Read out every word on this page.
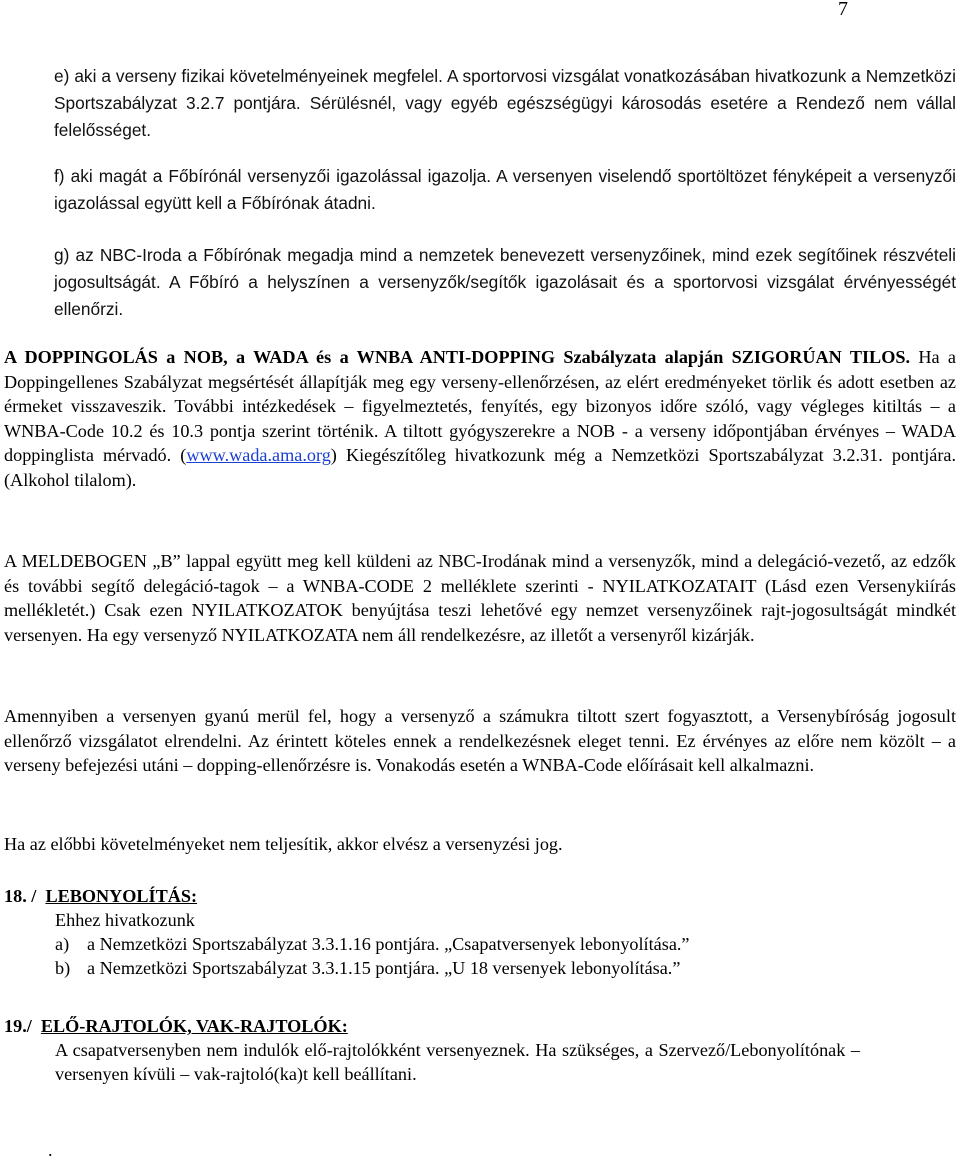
7

e) aki a verseny fizikai követelményeinek megfelel. A sportorvosi vizsgálat vonatkozásában hivatkozunk a Nemzetközi Sportszabályzat 3.2.7 pontjára. Sérülésnél, vagy egyéb egészségügyi károsodás esetére a Rendező nem vállal felelősséget.

f) aki magát a Főbírónál versenyzői igazolással igazolja. A versenyen viselendő sportöltözet fényképeit a versenyzői igazolással együtt kell a Főbírónak átadni.

g) az NBC-Iroda a Főbírónak megadja mind a nemzetek benevezett versenyzőinek, mind ezek segítőinek részvételi jogosultságát. A Főbíró a helyszínen a versenyzők/segítők igazolásait és a sportorvosi vizsgálat érvényességét ellenőrzi.

A DOPPINGOLÁS a NOB, a WADA és a WNBA ANTI-DOPPING Szabályzata alapján SZIGORÚAN TILOS. Ha a Doppingellenes Szabályzat megsértését állapítják meg egy verseny-ellenőrzésen, az elért eredményeket törlik és adott esetben az érmeket visszaveszik. További intézkedések – figyelmeztetés, fenyítés, egy bizonyos időre szóló, vagy végleges kitiltás – a WNBA-Code 10.2 és 10.3 pontja szerint történik. A tiltott gyógyszerekre a NOB - a verseny időpontjában érvényes – WADA doppinglista mérvadó. (www.wada.ama.org) Kiegészítőleg hivatkozunk még a Nemzetközi Sportszabályzat 3.2.31. pontjára.(Alkohol tilalom).

A MELDEBOGEN „B” lappal együtt meg kell küldeni az NBC-Irodának mind a versenyzők, mind a delegáció-vezető, az edzők és további segítő delegáció-tagok – a WNBA-CODE 2 melléklete szerinti - NYILATKOZATAIT (Lásd ezen Versenykiírás mellékletét.) Csak ezen NYILATKOZATOK benyújtása teszi lehetővé egy nemzet versenyzőinek rajt-jogosultságát mindkét versenyen. Ha egy versenyző NYILATKOZATA nem áll rendelkezésre, az illetőt a versenyről kizárják.

Amennyiben a versenyen gyanú merül fel, hogy a versenyző a számukra tiltott szert fogyasztott, a Versenybíróság jogosult ellenőrző vizsgálatot elrendelni. Az érintett köteles ennek a rendelkezésnek eleget tenni. Ez érvényes az előre nem közölt – a verseny befejezési utáni – dopping-ellenőrzésre is. Vonakodás esetén a WNBA-Code előírásait kell alkalmazni.

Ha az előbbi követelményeket nem teljesítik, akkor elvész a versenyzési jog.

18. / LEBONYOLÍTÁS:
Ehhez hivatkozunk
a) a Nemzetközi Sportszabályzat 3.3.1.16 pontjára. „Csapatversenyek lebonyolítása.”
b) a Nemzetközi Sportszabályzat 3.3.1.15 pontjára. „U 18 versenyek lebonyolítása.”
19./ ELŐ-RAJTOLÓK, VAK-RAJTOLÓK:
A csapatversenyben nem indulók elő-rajtolókként versenyeznek. Ha szükséges, a Szervező/Lebonyolítónak – versenyen kívüli – vak-rajtoló(ka)t kell beállítani.
.
